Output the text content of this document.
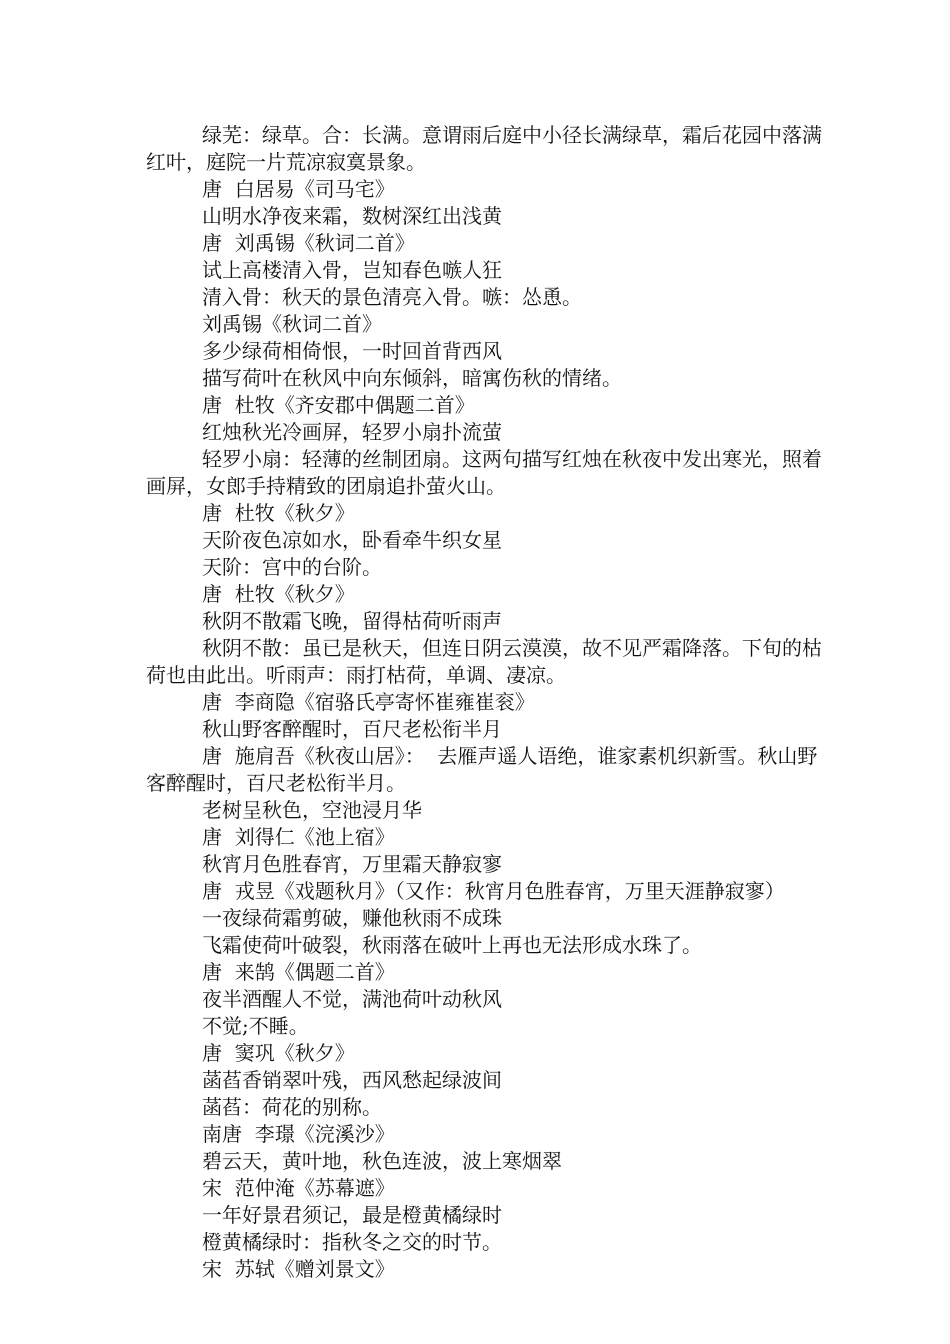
绿芜：绿草。合：长满。意谓雨后庭中小径长满绿草，霜后花园中落满红叶，庭院一片荒凉寂寞景象。

唐  白居易《司马宅》

山明水净夜来霜，数树深红出浅黄

唐  刘禹锡《秋词二首》

试上高楼清入骨，岂知春色嗾人狂

清入骨：秋天的景色清亮入骨。嗾：怂恿。

刘禹锡《秋词二首》

多少绿荷相倚恨，一时回首背西风

描写荷叶在秋风中向东倾斜，暗寓伤秋的情绪。

唐  杜牧《齐安郡中偶题二首》

红烛秋光冷画屏，轻罗小扇扑流萤

轻罗小扇：轻薄的丝制团扇。这两句描写红烛在秋夜中发出寒光，照着画屏，女郎手持精致的团扇追扑萤火山。

唐  杜牧《秋夕》

天阶夜色凉如水，卧看牵牛织女星

天阶：宫中的台阶。

唐  杜牧《秋夕》

秋阴不散霜飞晚，留得枯荷听雨声

秋阴不散：虽已是秋天，但连日阴云漠漠，故不见严霜降落。下旬的枯荷也由此出。听雨声：雨打枯荷，单调、凄凉。

唐  李商隐《宿骆氏亭寄怀崔雍崔衮》

秋山野客醉醒时，百尺老松衔半月

唐  施肩吾《秋夜山居》：  去雁声遥人语绝，谁家素机织新雪。秋山野客醉醒时，百尺老松衔半月。

老树呈秋色，空池浸月华

唐  刘得仁《池上宿》

秋宵月色胜春宵，万里霜天静寂寥

唐  戎昱《戏题秋月》（又作：秋宵月色胜春宵，万里天涯静寂寥）

一夜绿荷霜剪破，赚他秋雨不成珠

飞霜使荷叶破裂，秋雨落在破叶上再也无法形成水珠了。

唐  来鹄《偶题二首》

夜半酒醒人不觉，满池荷叶动秋风

不觉;不睡。

唐  窦巩《秋夕》

菡萏香销翠叶残，西风愁起绿波间

菡萏：荷花的别称。

南唐  李璟《浣溪沙》

碧云天，黄叶地，秋色连波，波上寒烟翠

宋  范仲淹《苏幕遮》

一年好景君须记，最是橙黄橘绿时

橙黄橘绿时：指秋冬之交的时节。

宋  苏轼《赠刘景文》
